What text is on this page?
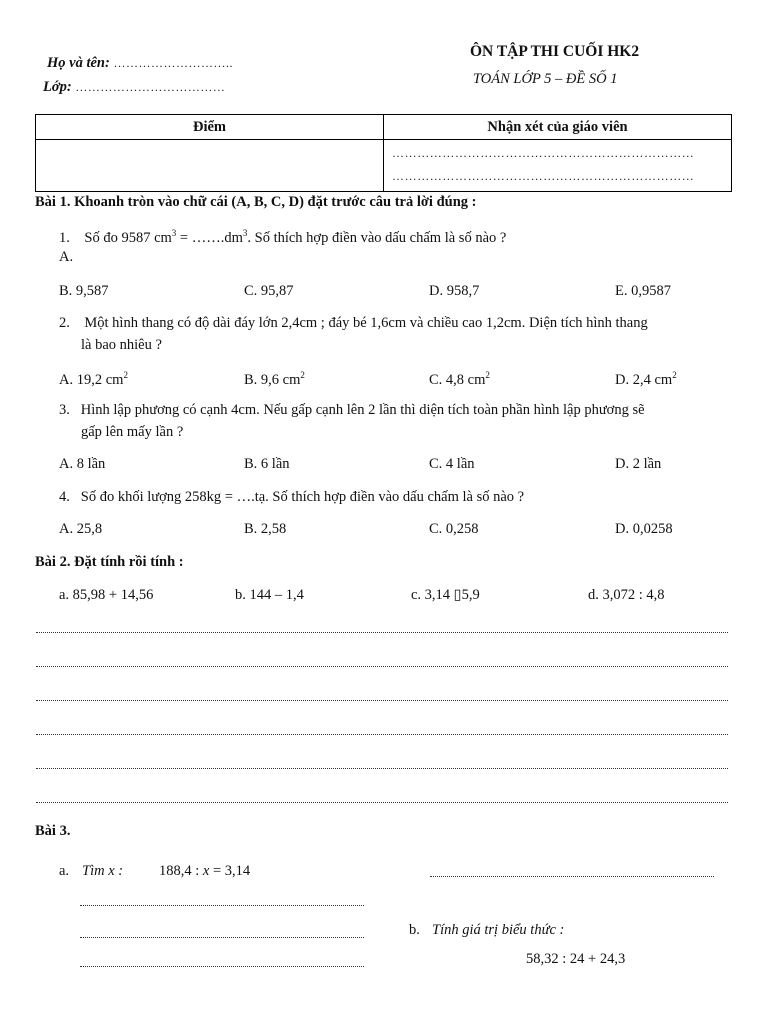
Họ và tên: ………………………..
Lớp: ………………………………
ÔN TẬP THI CUỐI HK2
TOÁN LỚP 5 – ĐỀ SỐ 1
Điểm	Nhận xét của giáo viên

	………………………………………………………………
………………………………………………………………
Bài 1. Khoanh tròn vào chữ cái (A, B, C, D) đặt trước câu trả lời đúng :
1. Số đo 9587 $cm^3$ = $\dots\dots.dm^3$. Số thích hợp điền vào dấu chấm là số nào ?
A.
B. 9,587	C. 95,87	D. 958,7	E. 0,9587
2. Một hình thang có độ dài đáy lớn 2,4cm ; đáy bé 1,6cm và chiều cao 1,2cm. Diện tích hình thang
là bao nhiêu ?
A. 19,2 $cm^2$	B. 9,6 $cm^2$	C. 4,8 $cm^2$	D. 2,4 $cm^2$
3. Hình lập phương có cạnh 4cm. Nếu gấp cạnh lên 2 lần thì diện tích toàn phần hình lập phương sẽ
gấp lên mấy lần ?
A. 8 lần	B. 6 lần	C. 4 lần	D. 2 lần
4. Số đo khối lượng 258kg = ….tạ. Số thích hợp điền vào dấu chấm là số nào ?
A. 25,8	B. 2,58	C. 0,258	D. 0,0258
Bài 2. Đặt tính rồi tính :
a. 85,98 + 14,56	b. 144 – 1,4	c. 3,14 ▯5,9	d. 3,072 : 4,8
Bài 3.
a. Tìm x : 188,4 : x = 3,14
b. Tính giá trị biểu thức :
58,32 : 24 + 24,3
